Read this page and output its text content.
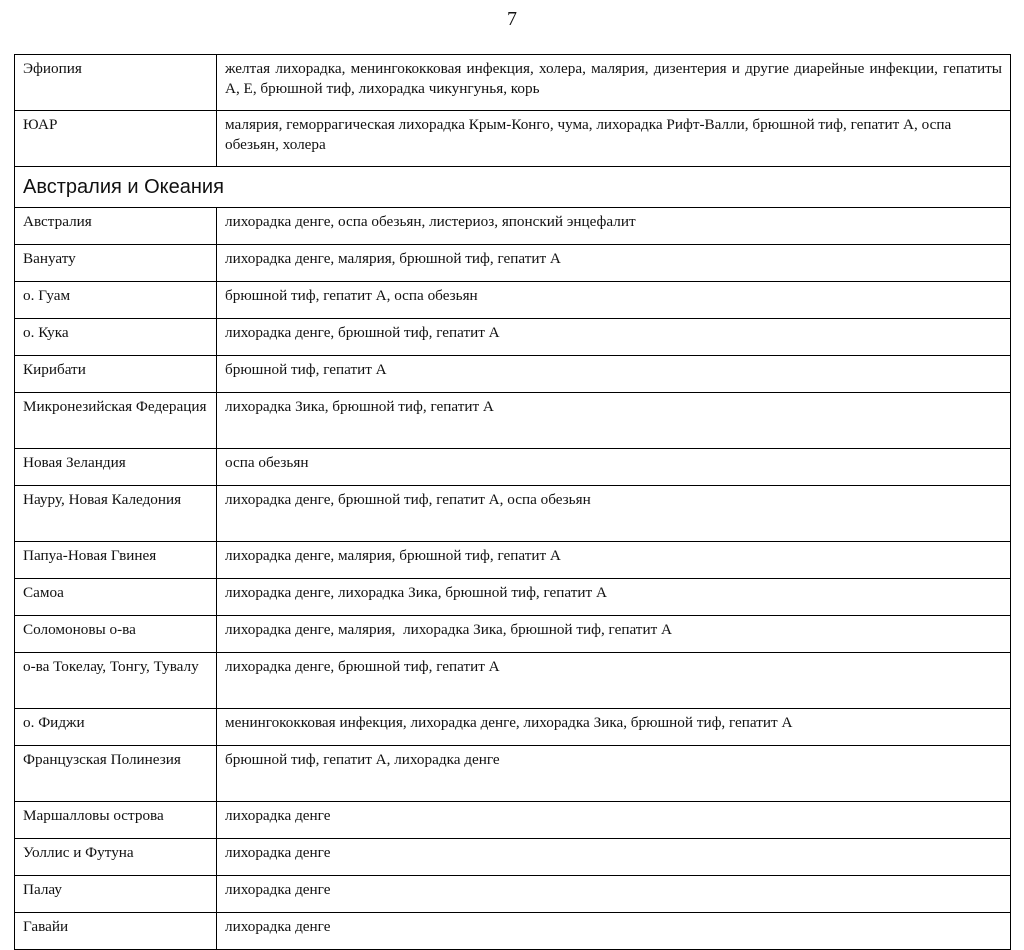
7
Эфиопия	желтая лихорадка, менингококковая инфекция, холера, малярия, дизентерия и другие диарейные инфекции, гепатиты А, Е, брюшной тиф, лихорадка чикунгунья, корь
ЮАР	малярия, геморрагическая лихорадка Крым-Конго, чума, лихорадка Рифт-Валли, брюшной тиф, гепатит А, оспа обезьян, холера
Австралия и Океания	
Австралия	лихорадка денге, оспа обезьян, листериоз, японский энцефалит
Вануату	лихорадка денге, малярия, брюшной тиф, гепатит А
о. Гуам	брюшной тиф, гепатит А, оспа обезьян
о. Кука	лихорадка денге, брюшной тиф, гепатит А
Кирибати	брюшной тиф, гепатит А
Микронезийская Федерация	лихорадка Зика, брюшной тиф, гепатит А
Новая Зеландия	оспа обезьян
Науру, Новая Каледония	лихорадка денге, брюшной тиф, гепатит А, оспа обезьян
Папуа-Новая Гвинея	лихорадка денге, малярия, брюшной тиф, гепатит А
Самоа	лихорадка денге, лихорадка Зика, брюшной тиф, гепатит А
Соломоновы о-ва	лихорадка денге, малярия,  лихорадка Зика, брюшной тиф, гепатит А
о-ва Токелау, Тонгу, Тувалу	лихорадка денге, брюшной тиф, гепатит А
о. Фиджи	менингококковая инфекция, лихорадка денге, лихорадка Зика, брюшной тиф, гепатит А
Французская Полинезия	брюшной тиф, гепатит А, лихорадка денге
Маршалловы острова	лихорадка денге
Уоллис и Футуна	лихорадка денге
Палау	лихорадка денге
Гавайи	лихорадка денге
